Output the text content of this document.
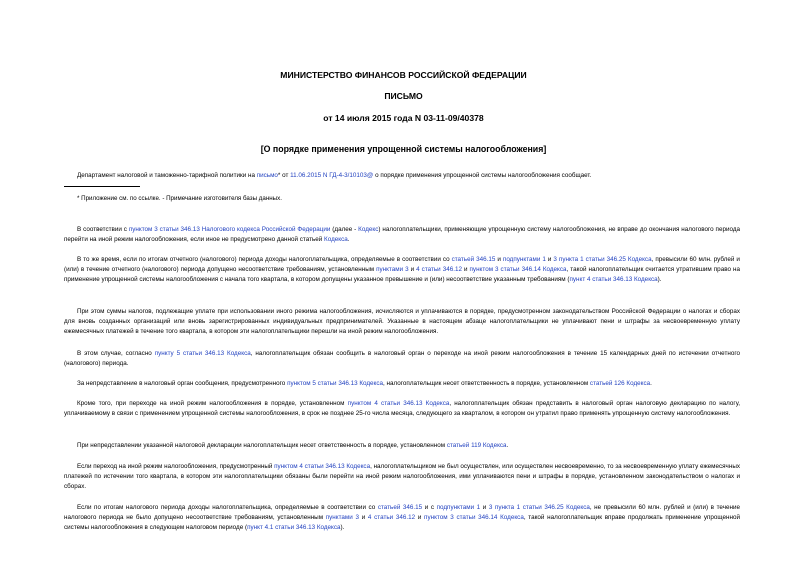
МИНИСТЕРСТВО ФИНАНСОВ РОССИЙСКОЙ ФЕДЕРАЦИИ
ПИСЬМО
от 14 июля 2015 года N 03-11-09/40378
[О порядке применения упрощенной системы налогообложения]
Департамент налоговой и таможенно-тарифной политики на письмо* от 11.06.2015 N ГД-4-3/10103@ о порядке применения упрощенной системы налогообложения сообщает.
* Приложение см. по ссылке. - Примечание изготовителя базы данных.
В соответствии с пунктом 3 статьи 346.13 Налогового кодекса Российской Федерации (далее - Кодекс) налогоплательщики, применяющие упрощенную систему налогообложения, не вправе до окончания налогового периода перейти на иной режим налогообложения, если иное не предусмотрено данной статьей Кодекса.
В то же время, если по итогам отчетного (налогового) периода доходы налогоплательщика, определяемые в соответствии со статьей 346.15 и подпунктами 1 и 3 пункта 1 статьи 346.25 Кодекса, превысили 60 млн. рублей и (или) в течение отчетного (налогового) периода допущено несоответствие требованиям, установленным пунктами 3 и 4 статьи 346.12 и пунктом 3 статьи 346.14 Кодекса, такой налогоплательщик считается утратившим право на применение упрощенной системы налогообложения с начала того квартала, в котором допущены указанное превышение и (или) несоответствие указанным требованиям (пункт 4 статьи 346.13 Кодекса).
При этом суммы налогов, подлежащие уплате при использовании иного режима налогообложения, исчисляются и уплачиваются в порядке, предусмотренном законодательством Российской Федерации о налогах и сборах для вновь созданных организаций или вновь зарегистрированных индивидуальных предпринимателей. Указанные в настоящем абзаце налогоплательщики не уплачивают пени и штрафы за несвоевременную уплату ежемесячных платежей в течение того квартала, в котором эти налогоплательщики перешли на иной режим налогообложения.
В этом случае, согласно пункту 5 статьи 346.13 Кодекса, налогоплательщик обязан сообщить в налоговый орган о переходе на иной режим налогообложения в течение 15 календарных дней по истечении отчетного (налогового) периода.
За непредставление в налоговый орган сообщения, предусмотренного пунктом 5 статьи 346.13 Кодекса, налогоплательщик несет ответственность в порядке, установленном статьей 126 Кодекса.
Кроме того, при переходе на иной режим налогообложения в порядке, установленном пунктом 4 статьи 346.13 Кодекса, налогоплательщик обязан представить в налоговый орган налоговую декларацию по налогу, уплачиваемому в связи с применением упрощенной системы налогообложения, в срок не позднее 25-го числа месяца, следующего за кварталом, в котором он утратил право применять упрощенную систему налогообложения.
При непредставлении указанной налоговой декларации налогоплательщик несет ответственность в порядке, установленном статьей 119 Кодекса.
Если переход на иной режим налогообложения, предусмотренный пунктом 4 статьи 346.13 Кодекса, налогоплательщиком не был осуществлен, или осуществлен несвоевременно, то за несвоевременную уплату ежемесячных платежей по истечении того квартала, в котором эти налогоплательщики обязаны были перейти на иной режим налогообложения, ими уплачиваются пени и штрафы в порядке, установленном законодательством о налогах и сборах.
Если по итогам налогового периода доходы налогоплательщика, определяемые в соответствии со статьей 346.15 и с подпунктами 1 и 3 пункта 1 статьи 346.25 Кодекса, не превысили 60 млн. рублей и (или) в течение налогового периода не было допущено несоответствие требованиям, установленным пунктами 3 и 4 статьи 346.12 и пунктом 3 статьи 346.14 Кодекса, такой налогоплательщик вправе продолжать применение упрощенной системы налогообложения в следующем налоговом периоде (пункт 4.1 статьи 346.13 Кодекса).
